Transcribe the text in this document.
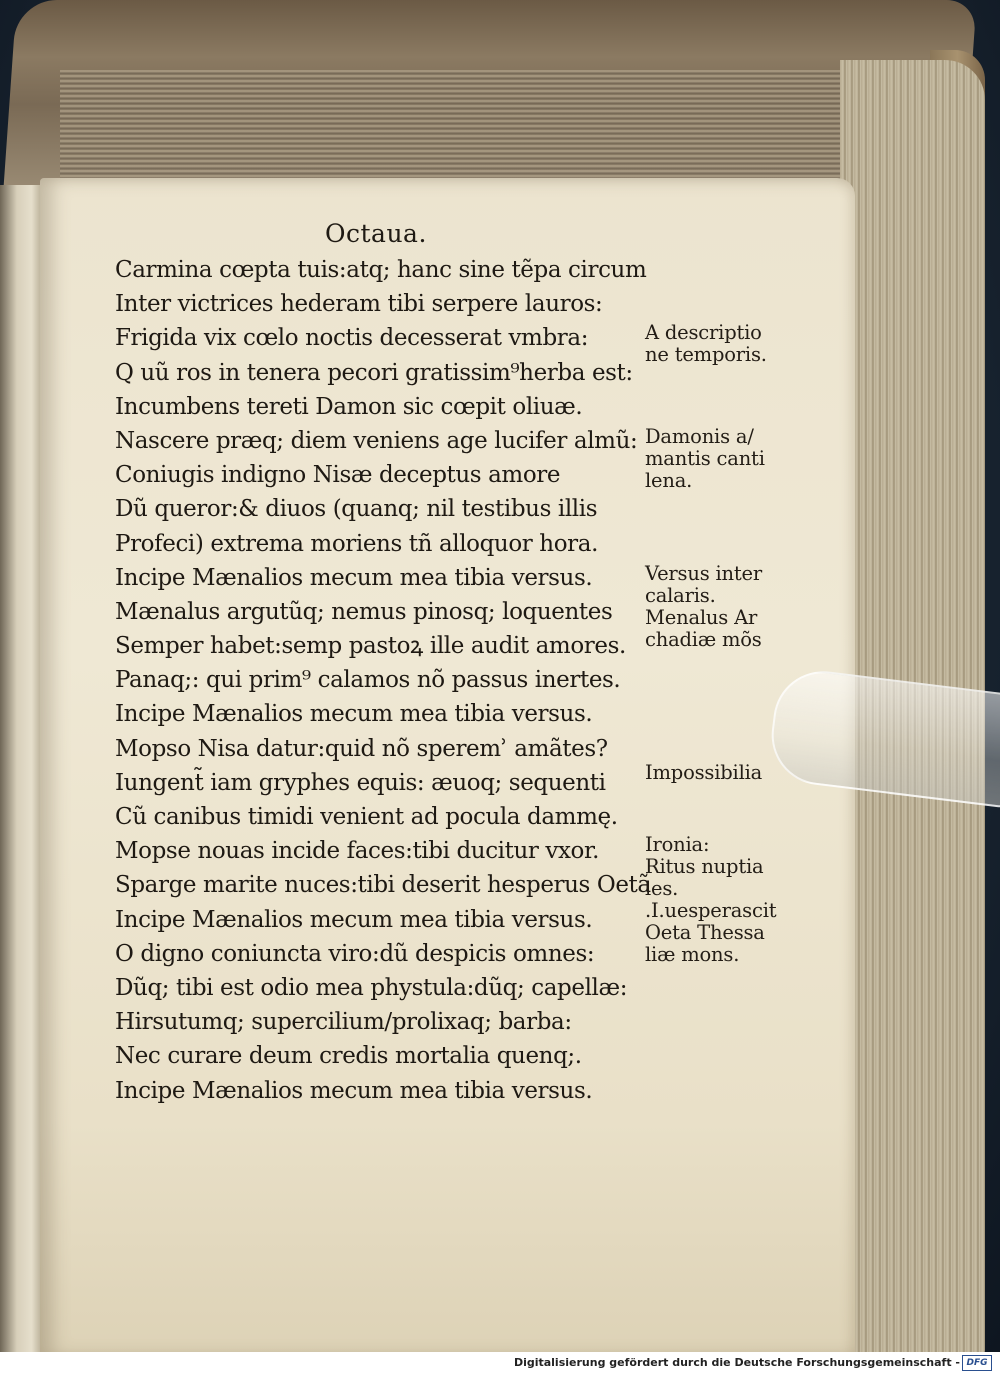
Octaua.
Carmina cœpta tuis:atq; hanc sine tẽpa circum
Inter victrices hederam tibi serpere lauros:
Frigida vix cœlo noctis decesserat vmbra:
Q uũ ros in tenera pecori gratissim⁹herba est:
Incumbens tereti Damon sic cœpit oliuæ.
Nascere præq; diem veniens age lucifer almũ:
Coniugis indigno Nisæ deceptus amore
Dũ queror:& diuos (quanq; nil testibus illis
Profeci) extrema moriens tñ alloquor hora.
Incipe Mænalios mecum mea tibia versus.
Mænalus argutũq; nemus pinosq; loquentes
Semper habet:semp pastoꝝ ille audit amores.
Panaq;: qui prim⁹ calamos nõ passus inertes.
Incipe Mænalios mecum mea tibia versus.
Mopso Nisa datur:quid nõ speremʾ amãtes?
Iungent̃ iam gryphes equis: æuoq; sequenti
Cũ canibus timidi venient ad pocula dammę.
Mopse nouas incide faces:tibi ducitur vxor.
Sparge marite nuces:tibi deserit hesperus Oetã
Incipe Mænalios mecum mea tibia versus.
O digno coniuncta viro:dũ despicis omnes:
Dũq; tibi est odio mea phystula:dũq; capellæ:
Hirsutumq; supercilium/prolixaq; barba:
Nec curare deum credis mortalia quenq;.
Incipe Mænalios mecum mea tibia versus.
A descriptio
ne temporis.
Damonis a/
mantis canti
lena.
Versus inter
calaris.
Menalus Ar
chadiæ mõs
Impossibilia
Ironia:
Ritus nuptia
les.
.I.uesperascit
Oeta Thessa
liæ mons.
Digitalisierung gefördert durch die Deutsche Forschungsgemeinschaft - DFG
